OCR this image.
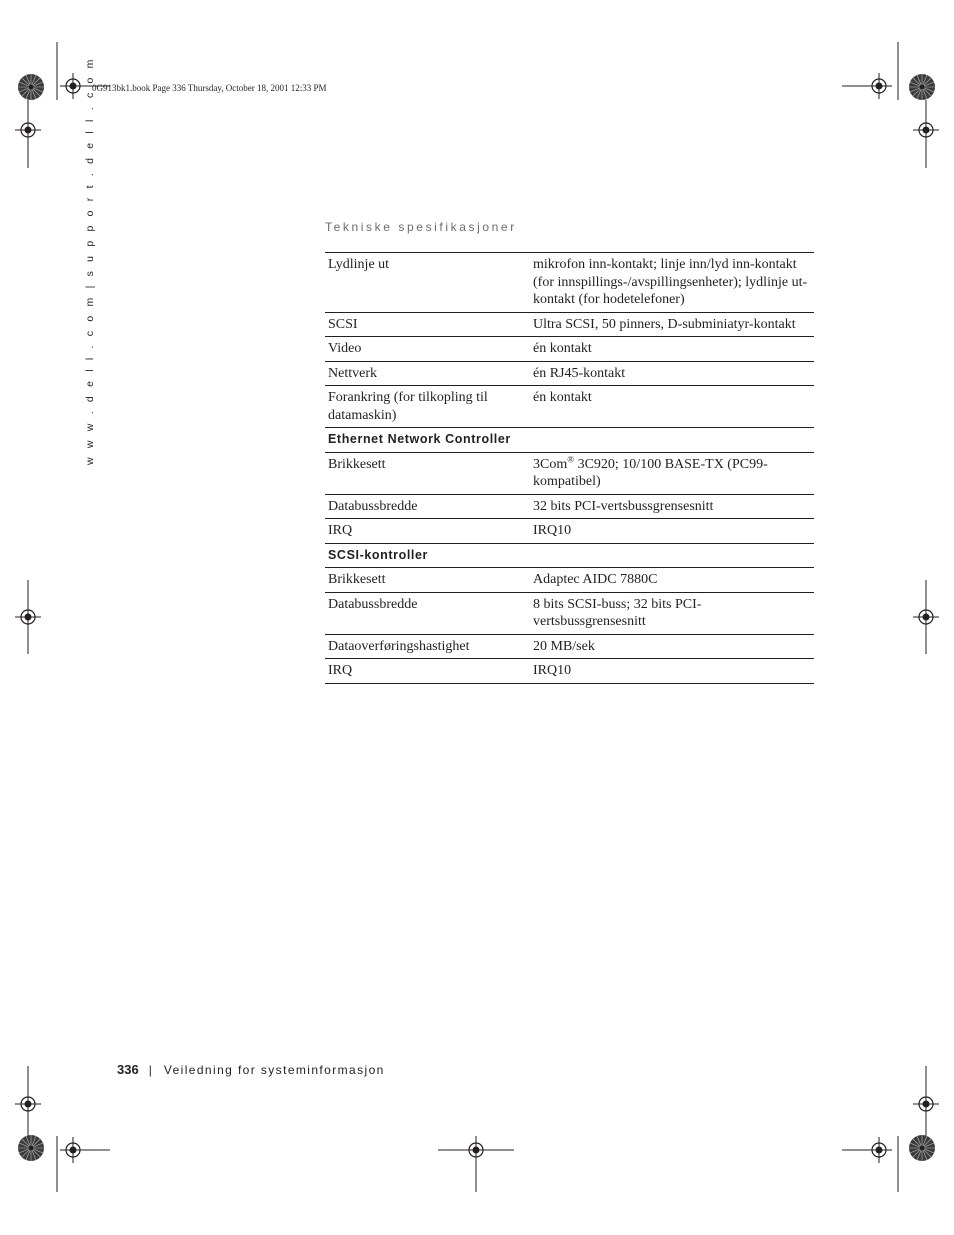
0G913bk1.book Page 336 Thursday, October 18, 2001 12:33 PM
w w w . d e l l . c o m | s u p p o r t . d e l l . c o m	Tekniske spesifikasjoner
Lydlinje ut	mikrofon inn-kontakt; linje inn/lyd inn-kontakt (for innspillings-/avspillingsenheter); lydlinje ut-kontakt (for hodetelefoner)
SCSI	Ultra SCSI, 50 pinners, D-subminiatyr-kontakt
Video	én kontakt
Nettverk	én RJ45-kontakt
Forankring (for tilkopling til datamaskin)	én kontakt
Ethernet Network Controller	
Brikkesett	3Com® 3C920; 10/100 BASE-TX (PC99-kompatibel)
Databussbredde	32 bits PCI-vertsbussgrensesnitt
IRQ	IRQ10
SCSI-kontroller	
Brikkesett	Adaptec AIDC 7880C
Databussbredde	8 bits SCSI-buss; 32 bits PCI-vertsbussgrensesnitt
Dataoverføringshastighet	20 MB/sek
IRQ	IRQ10
336 | Veiledning for systeminformasjon
